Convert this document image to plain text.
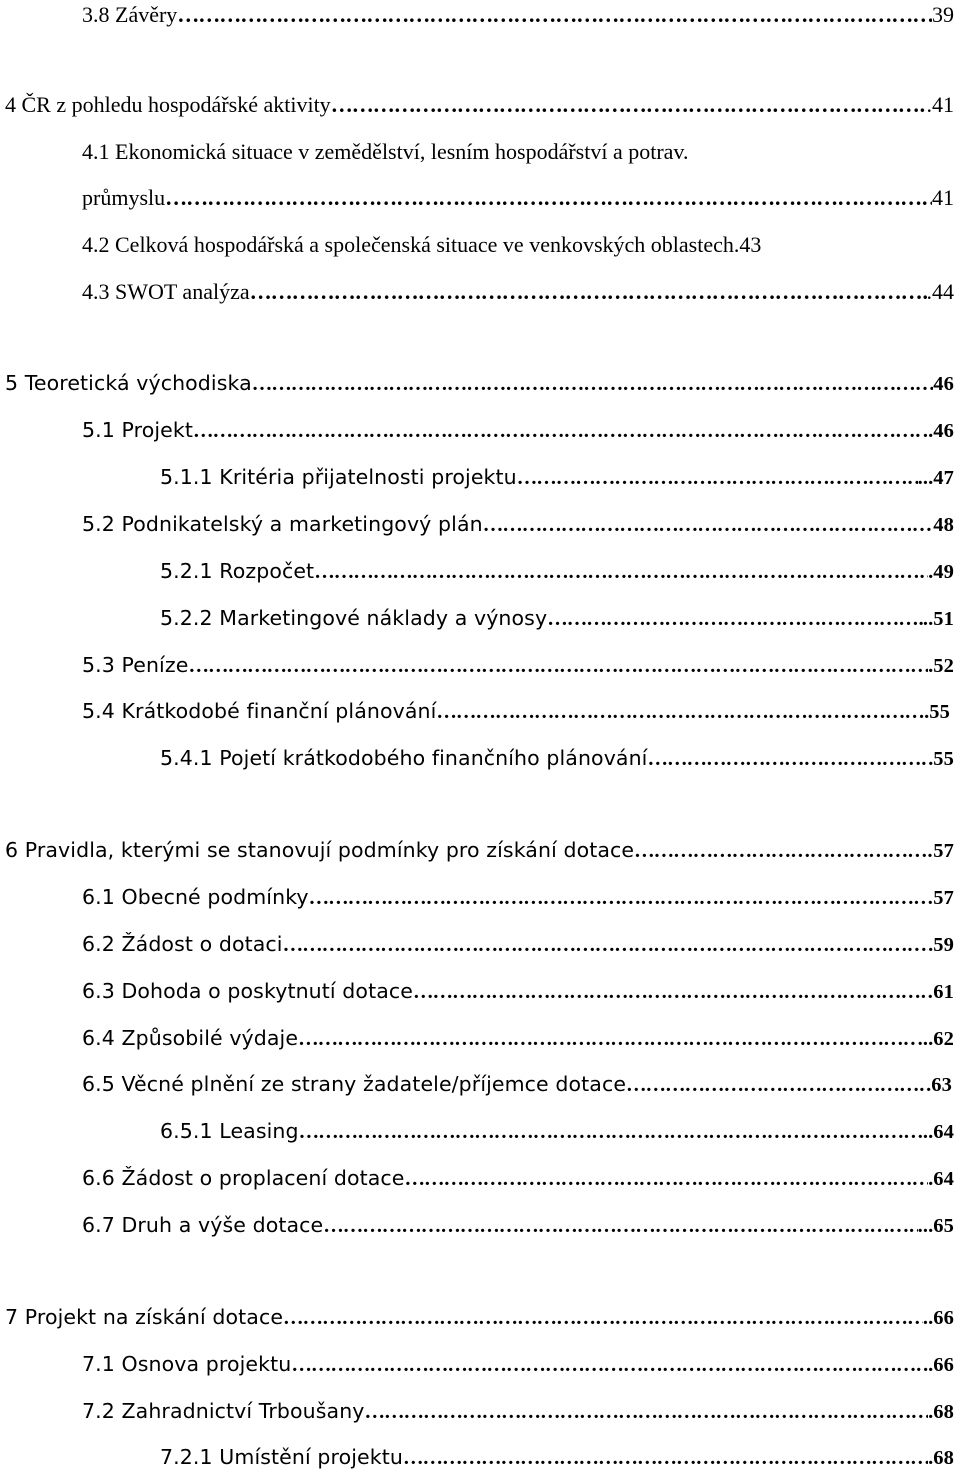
3.8 Závěry ……………………………………………………………………………………………………………………………………………………	39
4 ČR z pohledu hospodářské aktivity ……………………………………………………………………………………………………………………………………………………	.41
4.1 Ekonomická situace v zemědělství, lesním hospodářství a potrav.
průmyslu ……………………………………………………………………………………………………………………………………………………	41
4.2 Celková hospodářská a společenská situace ve venkovských oblastech.43
4.3 SWOT analýza ……………………………………………………………………………………………………………………………………………………	.44
5 Teoretická východiska ……………………………………………………………………………………………………………………………………………………	46
5.1 Projekt ……………………………………………………………………………………………………………………………………………………	..46
5.1.1 Kritéria přijatelnosti projektu ……………………………………………………………………………………………………………………………………………………	...47
5.2 Podnikatelský a marketingový plán ……………………………………………………………………………………………………………………………………………………	48
5.2.1 Rozpočet ……………………………………………………………………………………………………………………………………………………	.49
5.2.2 Marketingové náklady a výnosy ……………………………………………………………………………………………………………………………………………………	..51
5.3 Peníze ……………………………………………………………………………………………………………………………………………………	.52
5.4 Krátkodobé finanční plánování ……………………………………………………………………………………………………………………………………………………	.55
5.4.1 Pojetí krátkodobého finančního plánování ……………………………………………………………………………………………………………………………………………………	55
6 Pravidla, kterými se stanovují podmínky pro získání dotace ……………………………………………………………………………………………………………………………………………………	57
6.1 Obecné podmínky ……………………………………………………………………………………………………………………………………………………	57
6.2 Žádost o dotaci ……………………………………………………………………………………………………………………………………………………	.59
6.3 Dohoda o poskytnutí dotace ……………………………………………………………………………………………………………………………………………………	61
6.4 Způsobilé výdaje ……………………………………………………………………………………………………………………………………………………	...62
6.5 Věcné plnění ze strany žadatele/příjemce dotace ……………………………………………………………………………………………………………………………………………………	.63
6.5.1 Leasing ……………………………………………………………………………………………………………………………………………………	..64
6.6 Žádost o proplacení dotace ……………………………………………………………………………………………………………………………………………………	.64
6.7 Druh a výše dotace ……………………………………………………………………………………………………………………………………………………	...65
7 Projekt na získání dotace ……………………………………………………………………………………………………………………………………………………	..66
7.1 Osnova projektu ……………………………………………………………………………………………………………………………………………………	.66
7.2 Zahradnictví Trboušany ……………………………………………………………………………………………………………………………………………………	.68
7.2.1 Umístění projektu ……………………………………………………………………………………………………………………………………………………	.68
